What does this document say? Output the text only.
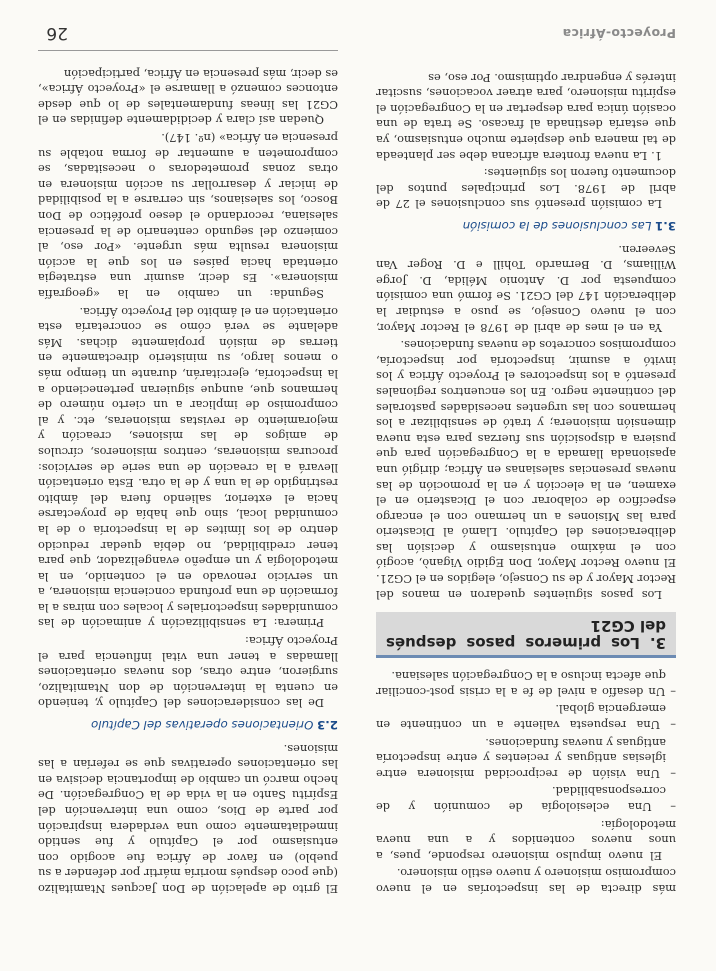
más directa de las inspectorías en el nuevo compromiso misionero y nuevo estilo misionero.

El nuevo impulso misionero responde, pues, a unos nuevos contenidos y a una nueva metodología:

– Una eclesiología de comunión y de corresponsabilidad.

– Una visión de reciprocidad misionera entre iglesias antiguas y recientes y entre inspectoría antiguas y nuevas fundaciones.

– Una respuesta valiente a un continente en emergencia global.

– Un desafío a nivel de fe a la crisis post-conciliar que afecta incluso a la Congregación salesiana.

3. Los primeros pasos después del CG21

Los pasos siguientes quedaron en manos del Rector Mayor y de su Consejo, elegidos en el CG21. El nuevo Rector Mayor, Don Egidio Viganò, acogió con el máximo entusiasmo y decisión las deliberaciones del Capítulo. Llamó al Dicasterio para las Misiones a un hermano con el encargo específico de colaborar con el Dicasterio en el examen, en la elección y en la promoción de las nuevas presencias salesianas en África; dirigió una apasionada llamada a la Congregación para que pusiera a disposición sus fuerzas para esta nueva dimensión misionera; y trató de sensibilizar a los hermanos con las urgentes necesidades pastorales del continente negro. En los encuentros regionales presentó a los inspectores el Proyecto África y los invitó a asumir, inspectoría por inspectoría, compromisos concretos de nuevas fundaciones.

Ya en el mes de abril de 1978 el Rector Mayor, con el nuevo Consejo, se puso a estudiar la deliberación 147 del CG21. Se formó una comisión compuesta por D. Antonio Mélida, D. Jorge Williams, D. Bernardo Tohill e D. Roger Van Seveeren.

3.1 Las conclusiones de la comisión

La comisión presentó sus conclusiones el 27 de abril de 1978. Los principales puntos del documento fueron los siguientes:

1. La nueva frontera africana debe ser planteada de tal manera que despierte mucho entusiasmo, ya que estaría destinada al fracaso. Se trata de una ocasión única para despertar en la Congregación el espíritu misionero, para atraer vocaciones, suscitar interés y engendrar optimismo. Por eso, es

El grito de apelación de Don Jacques Ntamitalizo (que poco después moriría mártir por defender a su pueblo) en favor de África fue acogido con entusiasmo por el Capítulo y fue sentido inmediatamente como una verdadera inspiración por parte de Dios, como una intervención del Espíritu Santo en la vida de la Congregación. De hecho marcó un cambio de importancia decisiva en las orientaciones operativas que se referían a las misiones.

2.3 Orientaciones operativas del Capítulo

De las consideraciones del Capítulo y, teniendo en cuenta la intervención de don Ntamitalizo, surgieron, entre otras, dos nuevas orientaciones llamadas a tener una vital influencia para el Proyecto África:

Primera: La sensibilización y animación de las comunidades inspectoriales y locales con miras a la formación de una profunda conciencia misionera, a un servicio renovado en el contenido, en la metodología y un empeño evangelizador, que para tener credibilidad, no debía quedar reducido dentro de los límites de la inspectoría o de la comunidad local, sino que había de proyectarse hacia el exterior, saliendo fuera del ámbito restringido de la una y de la otra. Esta orientación llevará a la creación de una serie de servicios: procuras misioneras, centros misioneros, círculos de amigos de las misiones, creación y mejoramiento de revistas misioneras, etc. y al compromiso de implicar a un cierto número de hermanos que, aunque siguieran perteneciendo a la inspectoría, ejercitarán, durante un tiempo más o menos largo, su ministerio directamente en tierras de misión propiamente dichas. Más adelante se verá cómo se concretaría esta orientación en el ámbito del Proyecto África.

Segunda: un cambio en la «geografía misionera». Es decir, asumir una estrategia orientada hacia países en los que la acción misionera resulta más urgente. «Por eso, al comienzo del segundo centenario de la presencia salesiana, recordando el deseo profético de Don Bosco, los salesianos, sin cerrarse a la posibilidad de iniciar y desarrollar su acción misionera en otras zonas prometedoras o necesitadas, se comprometen a aumentar de forma notable su presencia en África» (nº. 147).

Quedan así clara y decididamente definidas en el CG21 las líneas fundamentales de lo que desde entonces comenzó a llamarse el «Proyecto África», es decir, más presencia en África, participación

Proyecto-África
26
